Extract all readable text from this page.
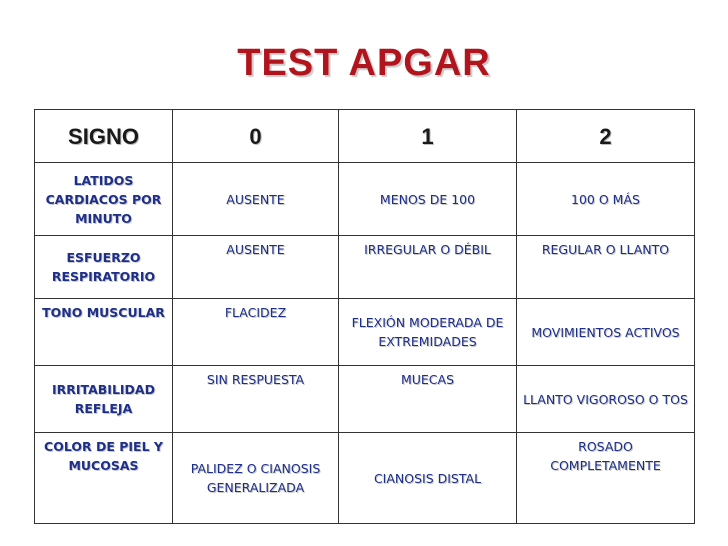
TEST APGAR
SIGNO	0	1	2
LATIDOS CARDIACOS POR MINUTO	AUSENTE	MENOS DE 100	100 O MÁS
ESFUERZO RESPIRATORIO	AUSENTE	IRREGULAR O DÉBIL	REGULAR O LLANTO
TONO MUSCULAR	FLACIDEZ	FLEXIÓN MODERADA DE EXTREMIDADES	MOVIMIENTOS ACTIVOS
IRRITABILIDAD REFLEJA	SIN RESPUESTA	MUECAS	LLANTO VIGOROSO O TOS
COLOR DE PIEL Y MUCOSAS	PALIDEZ O CIANOSIS GENERALIZADA	CIANOSIS DISTAL	ROSADO COMPLETAMENTE
